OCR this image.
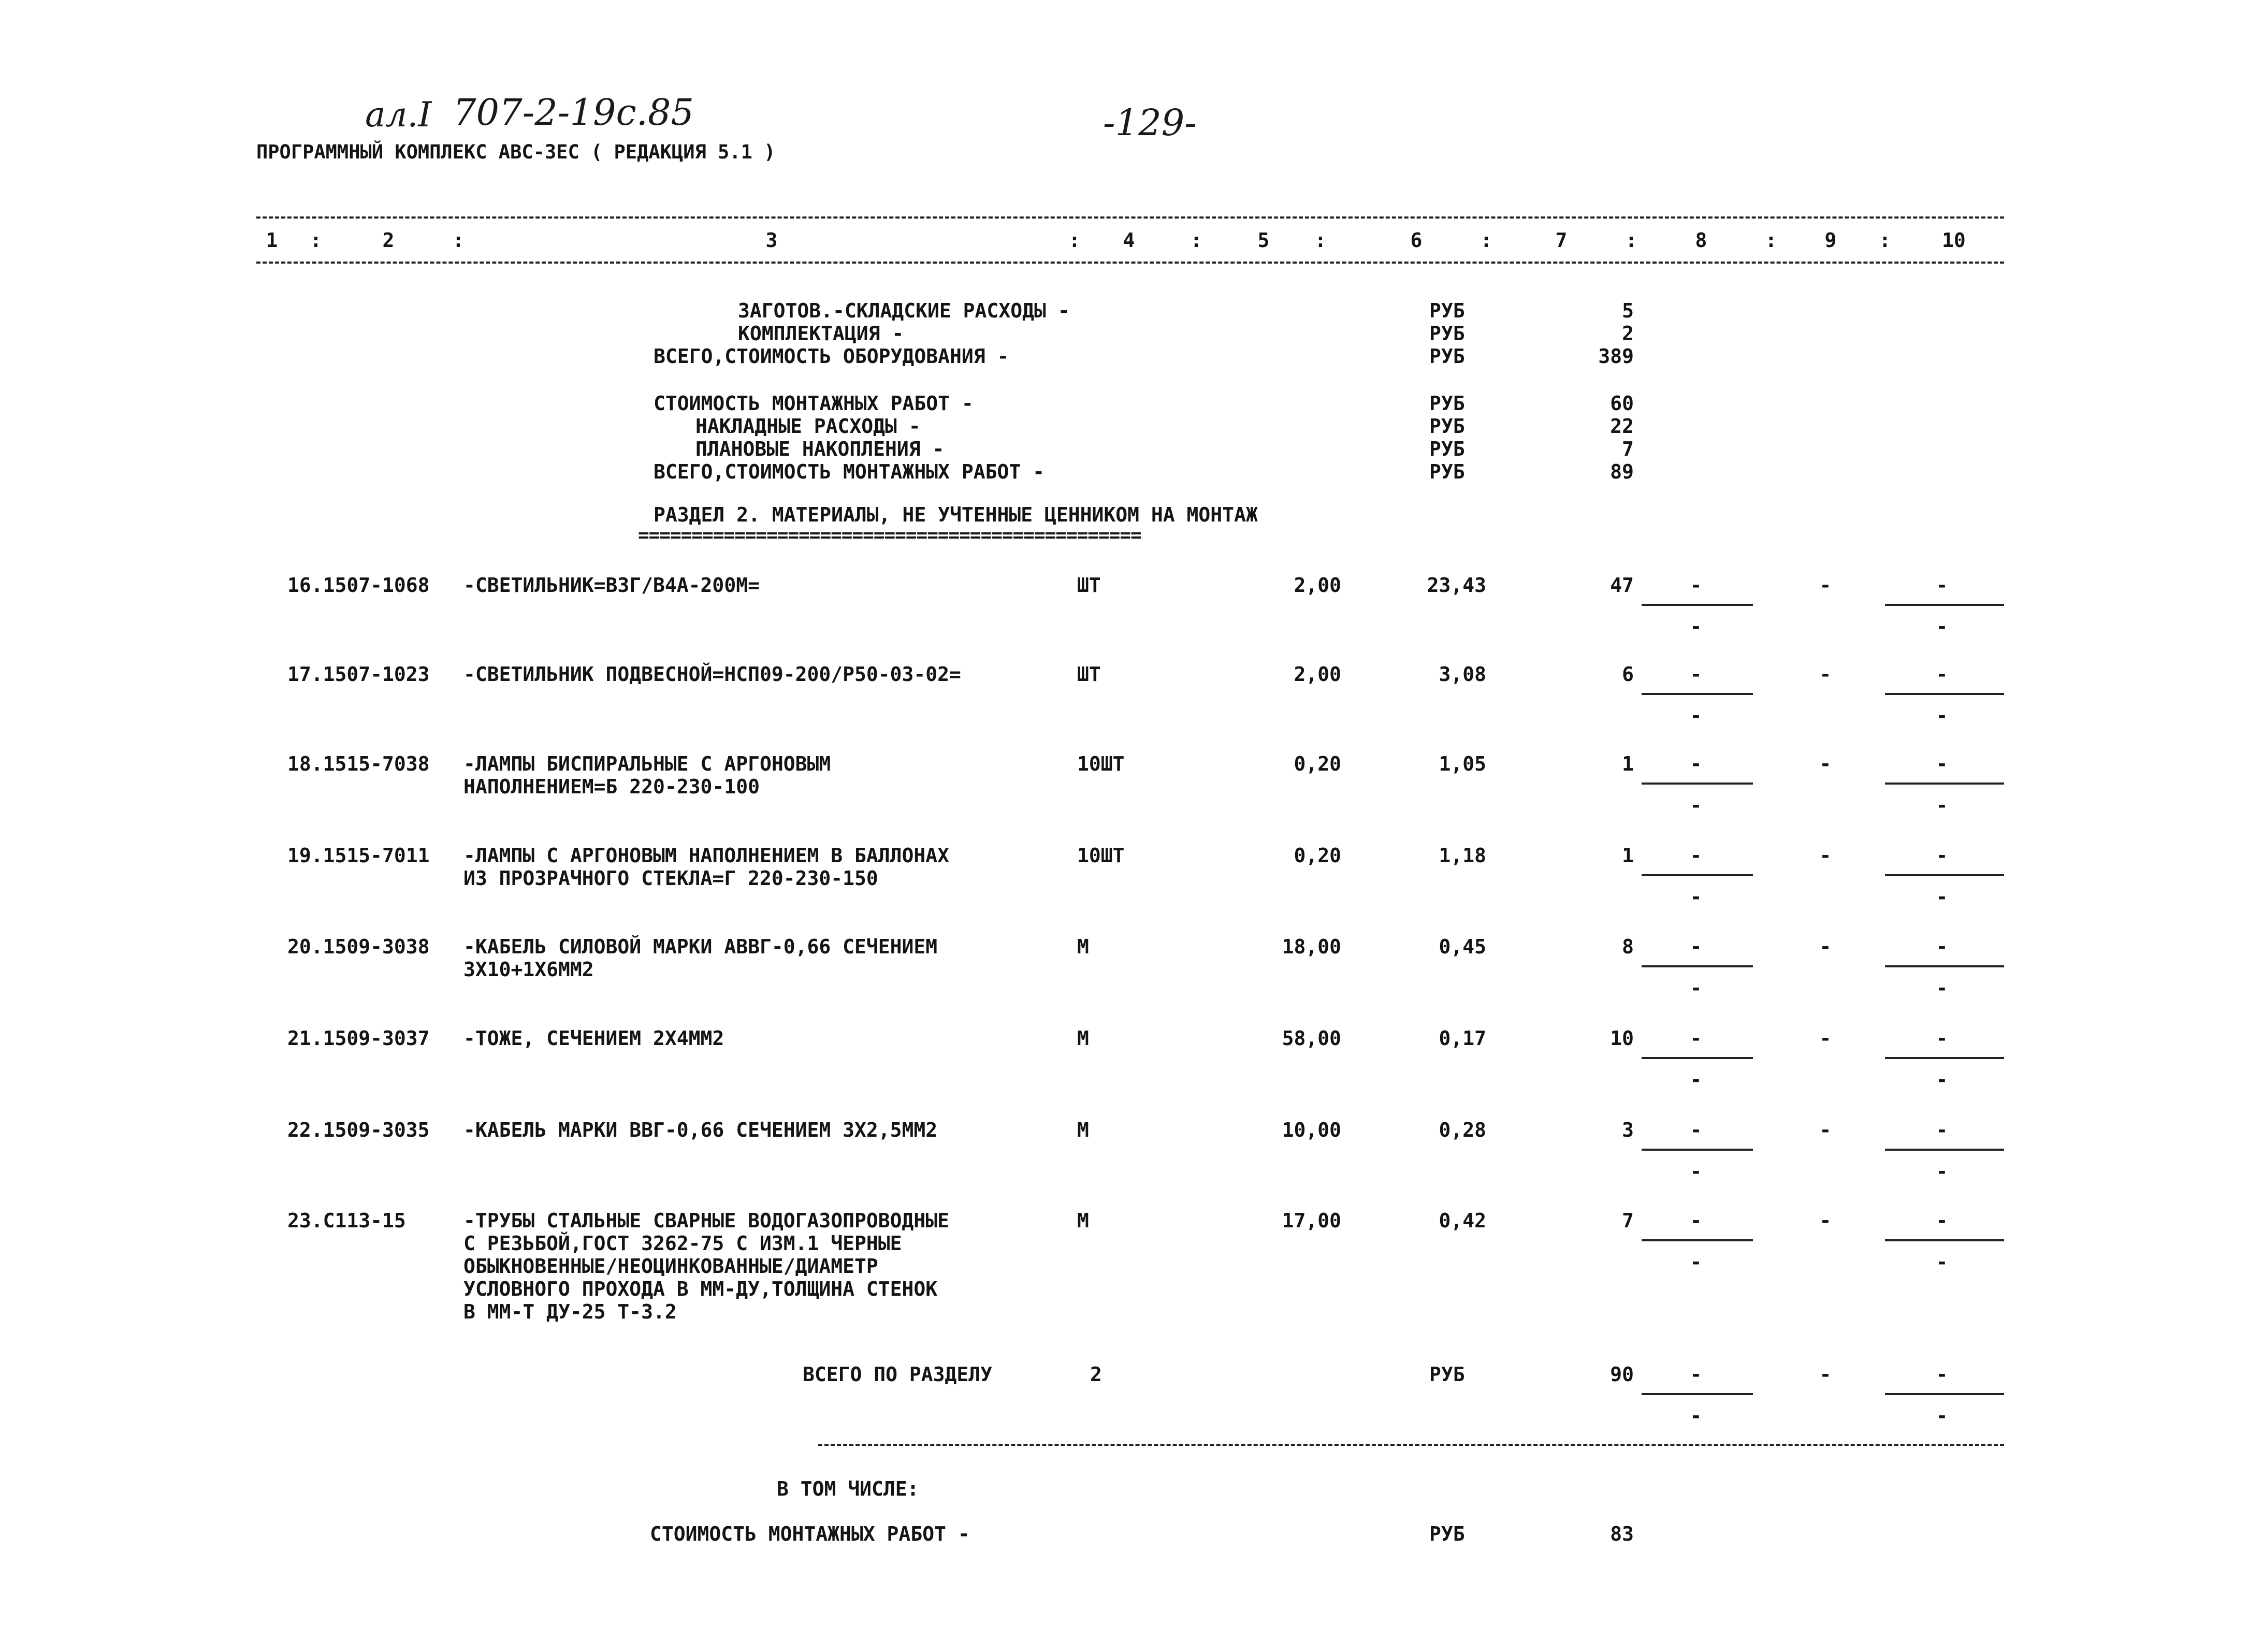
ал.Ӏ 707-2-19с.85	-129-
ПРОГРАММНЫЙ КОМПЛЕКС АВС-3ЕС ( РЕДАКЦИЯ 5.1 )
1 :	2	:	3	: 4	:	5 :	6	:	7	:	8	: 9 :	10
ЗАГОТОВ.-СКЛАДСКИЕ РАСХОДЫ -	РУБ	5
КОМПЛЕКТАЦИЯ -	РУБ	2
ВСЕГО,СТОИМОСТЬ ОБОРУДОВАНИЯ -	РУБ	389
СТОИМОСТЬ МОНТАЖНЫХ РАБОТ -	РУБ	60
НАКЛАДНЫЕ РАСХОДЫ -	РУБ	22
ПЛАНОВЫЕ НАКОПЛЕНИЯ -	РУБ	7
ВСЕГО,СТОИМОСТЬ МОНТАЖНЫХ РАБОТ -	РУБ	89
РАЗДЕЛ 2. МАТЕРИАЛЫ, НЕ УЧТЕННЫЕ ЦЕННИКОМ НА МОНТАЖ
===============================================
16.1507-1068 -СВЕТИЛЬНИК=ВЗГ/В4А-200М=	ШТ	2,00	23,43	47	-	-	-
-	-
17.1507-1023 -СВЕТИЛЬНИК ПОДВЕСНОЙ=НСП09-200/Р50-03-02=	ШТ	2,00	3,08	6	-	-	-
-	-
18.1515-7038 -ЛАМПЫ БИСПИРАЛЬНЫЕ С АРГОНОВЫМ
НАПОЛНЕНИЕМ=Б 220-230-100
10ШТ	0,20	1,05	1	-	-	-
-	-
19.1515-7011 -ЛАМПЫ С АРГОНОВЫМ НАПОЛНЕНИЕМ В БАЛЛОНАХ
ИЗ ПРОЗРАЧНОГО СТЕКЛА=Г 220-230-150
10ШТ	0,20	1,18	1	-	-	-
-	-
20.1509-3038 -КАБЕЛЬ СИЛОВОЙ МАРКИ АВВГ-0,66 СЕЧЕНИЕМ
3Х10+1Х6ММ2
М	18,00	0,45	8	-	-	-
-	-
21.1509-3037 -ТОЖЕ, СЕЧЕНИЕМ 2Х4ММ2	М	58,00	0,17	10	-	-	-
-	-
22.1509-3035 -КАБЕЛЬ МАРКИ ВВГ-0,66 СЕЧЕНИЕМ 3Х2,5ММ2	М	10,00	0,28	3	-	-	-
-	-
23.С113-15	-ТРУБЫ СТАЛЬНЫЕ СВАРНЫЕ ВОДОГАЗОПРОВОДНЫЕ
С РЕЗЬБОЙ,ГОСТ 3262-75 С ИЗМ.1 ЧЕРНЫЕ
ОБЫКНОВЕННЫЕ/НЕОЦИНКОВАННЫЕ/ДИАМЕТР
УСЛОВНОГО ПРОХОДА В ММ-ДУ,ТОЛЩИНА СТЕНОК
В ММ-Т ДУ-25 Т-3.2
М	17,00	0,42	7	-	-	-
-	-
ВСЕГО ПО РАЗДЕЛУ	2	РУБ	90	-	-	-
-	-
В ТОМ ЧИСЛЕ:
СТОИМОСТЬ МОНТАЖНЫХ РАБОТ -	РУБ	83
